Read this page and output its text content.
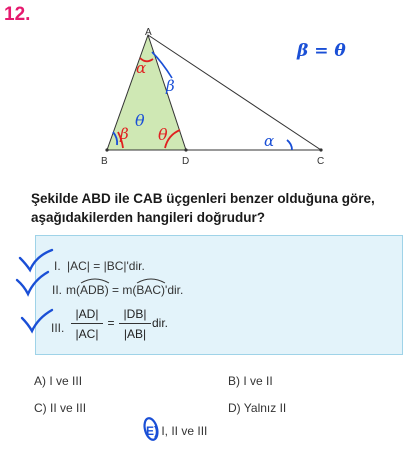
12.
A
B	D	C
α
β
β
θ
θ	α
β = θ
Şekilde ABD ile CAB üçgenleri benzer olduğuna göre,
aşağıdakilerden hangileri doğrudur?
I. |AC| = |BC|'dir.
II. m(
ADB) = m(
BAC)'dir.
III.
|AD|
|AC|
=
|DB|
|AB|
dir.
A) I ve III	B) I ve II
C) II ve III	D) Yalnız II
E) I, II ve III
